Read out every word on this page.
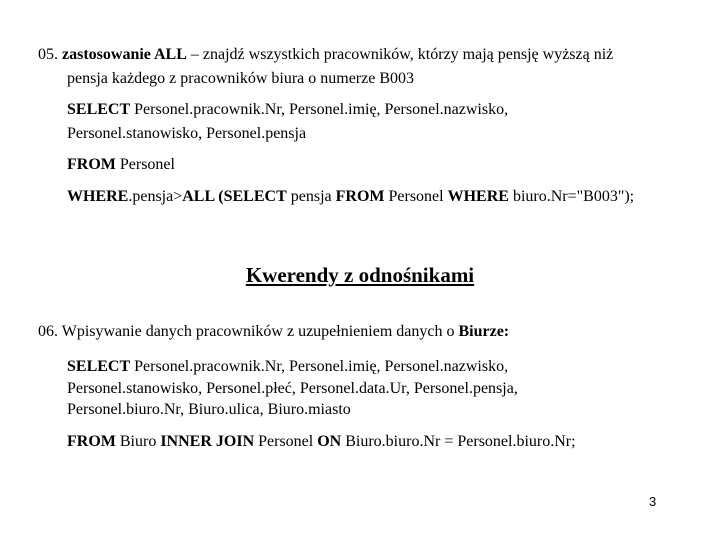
05. zastosowanie ALL – znajdź wszystkich pracowników, którzy mają pensję wyższą niż
pensja każdego z pracowników biura o numerze B003
SELECT Personel.pracownik.Nr, Personel.imię, Personel.nazwisko,
Personel.stanowisko, Personel.pensja
FROM Personel
WHERE.pensja>ALL (SELECT pensja FROM Personel WHERE biuro.Nr="B003");
Kwerendy z odnośnikami
06. Wpisywanie danych pracowników z uzupełnieniem danych o Biurze:
SELECT Personel.pracownik.Nr, Personel.imię, Personel.nazwisko,
Personel.stanowisko, Personel.płeć, Personel.data.Ur, Personel.pensja,
Personel.biuro.Nr, Biuro.ulica, Biuro.miasto
FROM Biuro INNER JOIN Personel ON Biuro.biuro.Nr = Personel.biuro.Nr;
3
